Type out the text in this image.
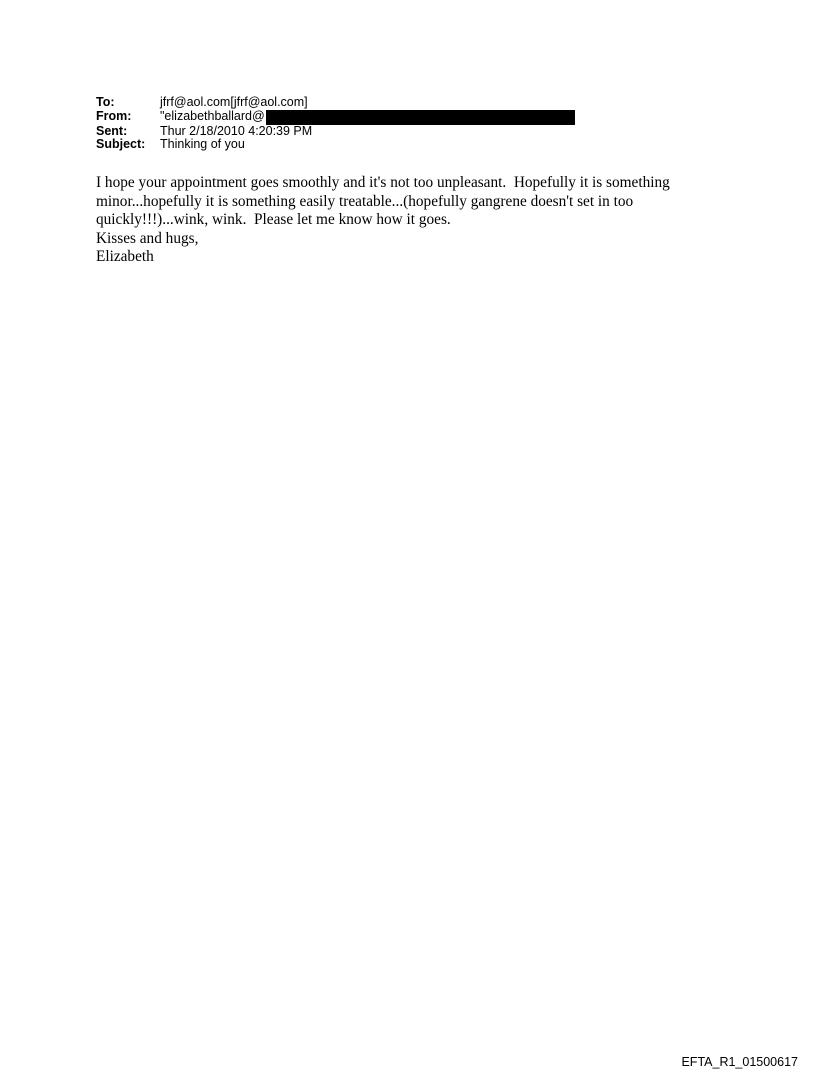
To:	jfrf@aol.com[jfrf@aol.com]
From:	"elizabethballard@
Sent:	Thur 2/18/2010 4:20:39 PM
Subject:	Thinking of you
I hope your appointment goes smoothly and it's not too unpleasant.  Hopefully it is something
minor...hopefully it is something easily treatable...(hopefully gangrene doesn't set in too
quickly!!!)...wink, wink.  Please let me know how it goes.
Kisses and hugs,
Elizabeth
EFTA_R1_01500617
